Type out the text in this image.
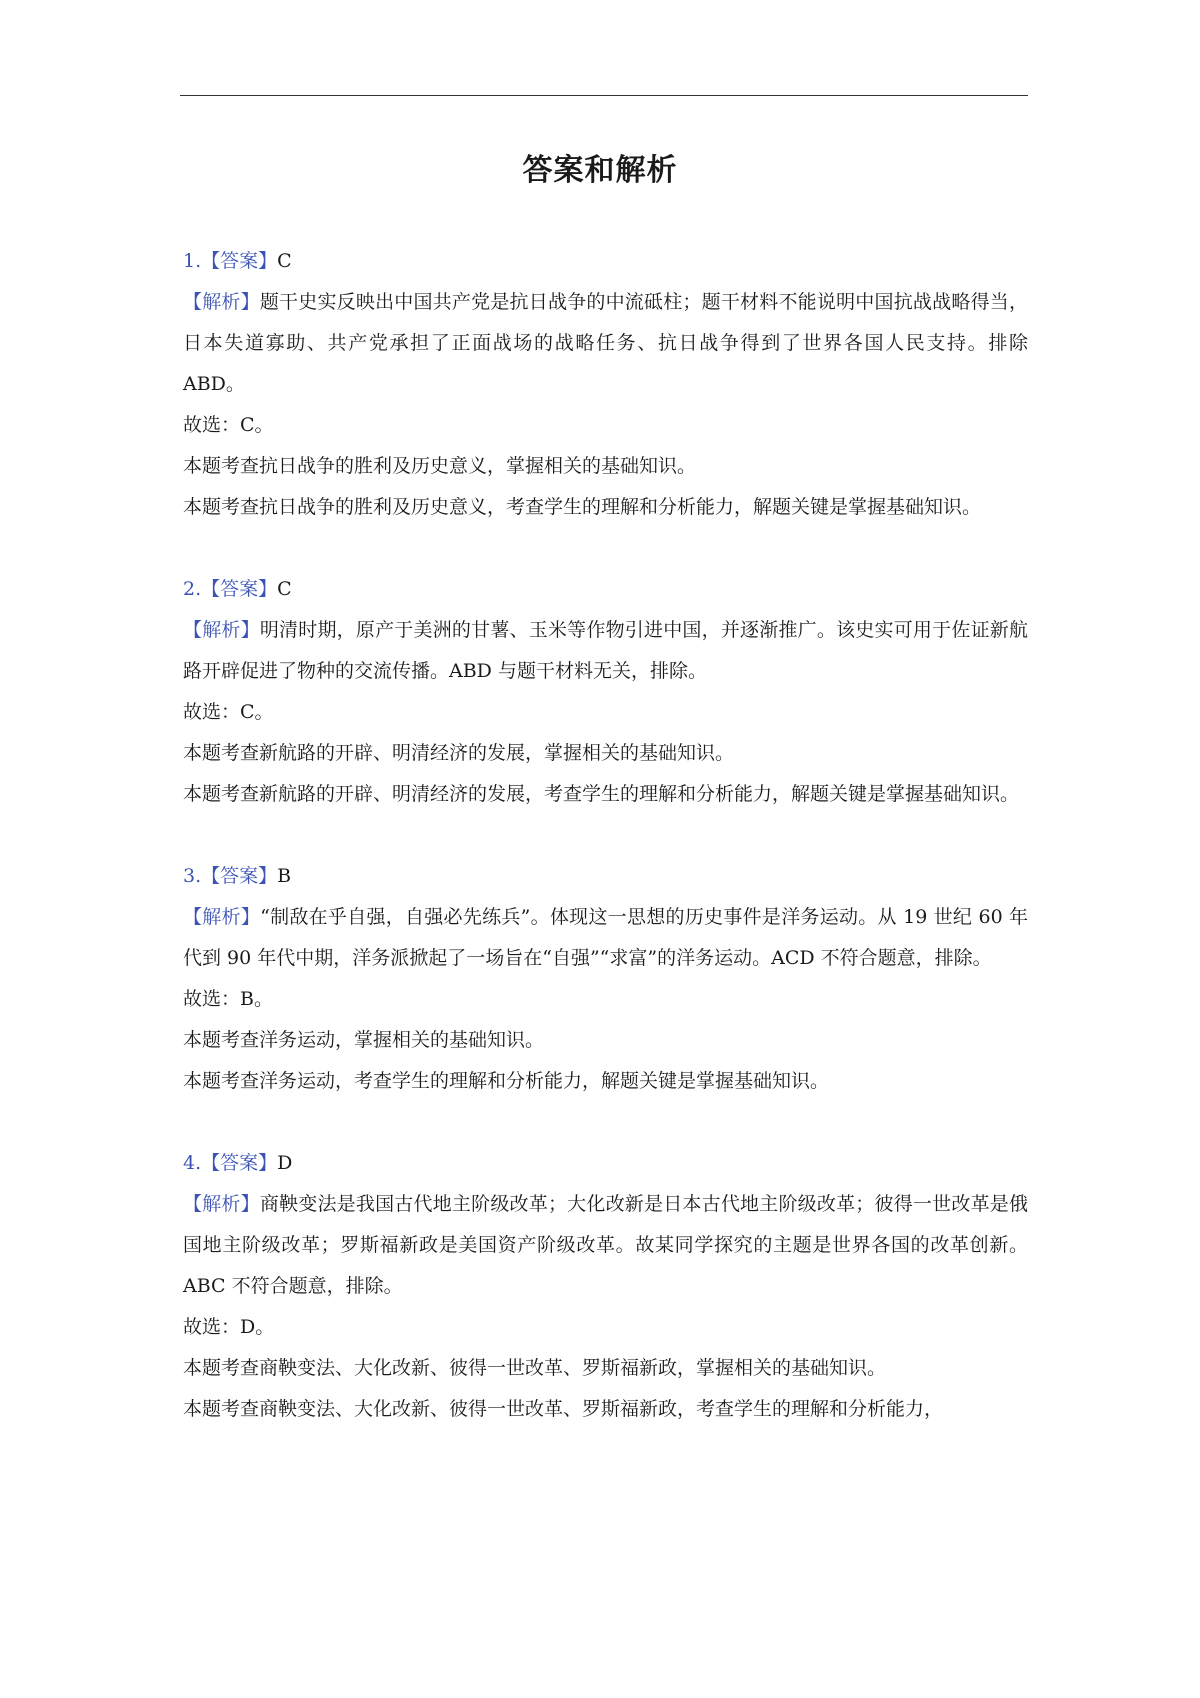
答案和解析
1.【答案】C
【解析】题干史实反映出中国共产党是抗日战争的中流砥柱；题干材料不能说明中国抗战战略得当，日本失道寡助、共产党承担了正面战场的战略任务、抗日战争得到了世界各国人民支持。排除 ABD。
故选：C。
本题考查抗日战争的胜利及历史意义，掌握相关的基础知识。
本题考查抗日战争的胜利及历史意义，考查学生的理解和分析能力，解题关键是掌握基础知识。
2.【答案】C
【解析】明清时期，原产于美洲的甘薯、玉米等作物引进中国，并逐渐推广。该史实可用于佐证新航路开辟促进了物种的交流传播。ABD 与题干材料无关，排除。
故选：C。
本题考查新航路的开辟、明清经济的发展，掌握相关的基础知识。
本题考查新航路的开辟、明清经济的发展，考查学生的理解和分析能力，解题关键是掌握基础知识。
3.【答案】B
【解析】“制敌在乎自强，自强必先练兵”。体现这一思想的历史事件是洋务运动。从 19 世纪 60 年代到 90 年代中期，洋务派掀起了一场旨在“自强”“求富”的洋务运动。ACD 不符合题意，排除。
故选：B。
本题考查洋务运动，掌握相关的基础知识。
本题考查洋务运动，考查学生的理解和分析能力，解题关键是掌握基础知识。
4.【答案】D
【解析】商鞅变法是我国古代地主阶级改革；大化改新是日本古代地主阶级改革；彼得一世改革是俄国地主阶级改革；罗斯福新政是美国资产阶级改革。故某同学探究的主题是世界各国的改革创新。ABC 不符合题意，排除。
故选：D。
本题考查商鞅变法、大化改新、彼得一世改革、罗斯福新政，掌握相关的基础知识。
本题考查商鞅变法、大化改新、彼得一世改革、罗斯福新政，考查学生的理解和分析能力，
